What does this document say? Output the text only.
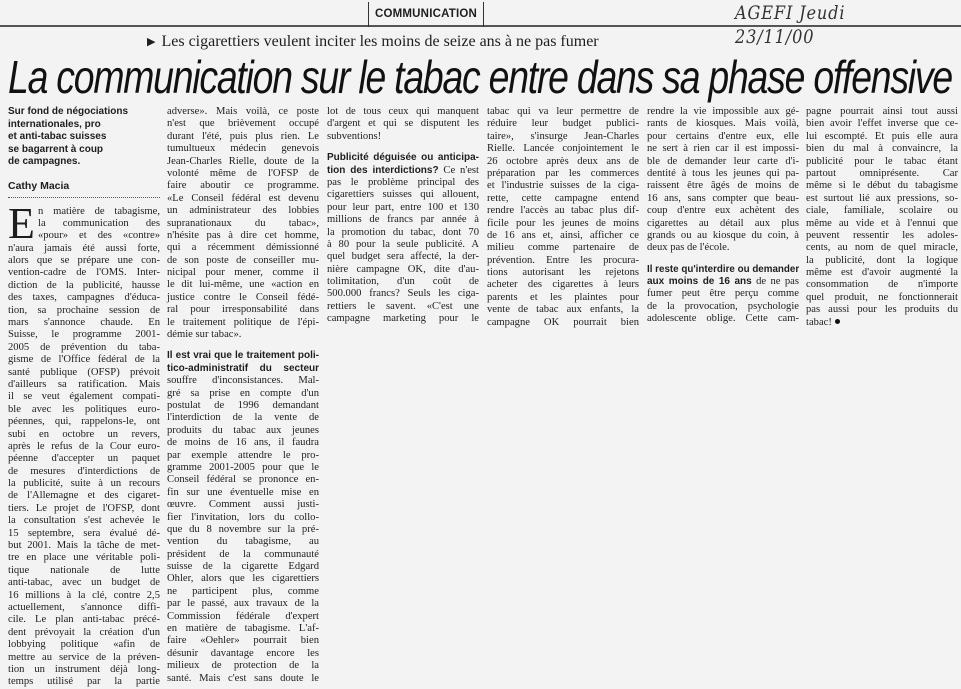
COMMUNICATION	AGEFI Jeudi 23/11/00
▶ Les cigarettiers veulent inciter les moins de seize ans à ne pas fumer
La communication sur le tabac entre dans sa phase offensive
Sur fond de négociations
internationales, pro
et anti-tabac suisses
se bagarrent à coup
de campagnes.
Cathy Macia
E n matière de tabagisme,
la communication des
«pour» et des «contre»
n'aura jamais été aussi forte,
alors que se prépare une con-
vention-cadre de l'OMS. Inter-
diction de la publicité, hausse
des taxes, campagnes d'éduca-
tion, sa prochaine session de
mars s'annonce chaude. En
Suisse, le programme 2001-
2005 de prévention du taba-
gisme de l'Office fédéral de la
santé publique (OFSP) prévoit
d'ailleurs sa ratification. Mais
il se veut également compati-
ble avec les politiques euro-
péennes, qui, rappelons-le, ont
subi en octobre un revers,
après le refus de la Cour euro-
péenne d'accepter un paquet
de mesures d'interdictions de
la publicité, suite à un recours
de l'Allemagne et des cigaret-
tiers. Le projet de l'OFSP, dont
la consultation s'est achevée le
15 septembre, sera évalué dé-
but 2001. Mais la tâche de met-
tre en place une véritable poli-
tique nationale de lutte
anti-tabac, avec un budget de
16 millions à la clé, contre 2,5
actuellement, s'annonce diffi-
cile. Le plan anti-tabac précé-
dent prévoyait la création d'un
lobbying politique «afin de
mettre au service de la préven-
tion un instrument déjà long-
temps utilisé par la partie
adverse». Mais voilà, ce poste
n'est que brièvement occupé
durant l'été, puis plus rien. Le
tumultueux médecin genevois
Jean-Charles Rielle, doute de la
volonté même de l'OFSP de
faire aboutir ce programme.
«Le Conseil fédéral est devenu
un administrateur des lobbies
supranationaux du tabac»,
n'hésite pas à dire cet homme,
qui a récemment démissionné
de son poste de conseiller mu-
nicipal pour mener, comme il
le dit lui-même, une «action en
justice contre le Conseil fédé-
ral pour irresponsabilité dans
le traitement politique de l'épi-
démie sur tabac».
Il est vrai que le traitement poli-
tico-administratif du secteur
souffre d'inconsistances. Mal-
gré sa prise en compte d'un
postulat de 1996 demandant
l'interdiction de la vente de
produits du tabac aux jeunes
de moins de 16 ans, il faudra
par exemple attendre le pro-
gramme 2001-2005 pour que le
Conseil fédéral se prononce en-
fin sur une éventuelle mise en
œuvre. Comment aussi justi-
fier l'invitation, lors du collo-
que du 8 novembre sur la pré-
vention du tabagisme, au
président de la communauté
suisse de la cigarette Edgard
Ohler, alors que les cigarettiers
ne participent plus, comme
par le passé, aux travaux de la
Commission fédérale d'expert
en matière de tabagisme. L'af-
faire «Oehler» pourrait bien
désunir davantage encore les
milieux de protection de la
santé. Mais c'est sans doute le
lot de tous ceux qui manquent
d'argent et qui se disputent les
subventions!
Publicité déguisée ou anticipa-
tion des interdictions? Ce n'est
pas le problème principal des
cigarettiers suisses qui allouent,
pour leur part, entre 100 et 130
millions de francs par année à
la promotion du tabac, dont 70
à 80 pour la seule publicité. A
quel budget sera affecté, la der-
nière campagne OK, dite d'au-
tolimitation, d'un coût de
500.000 francs? Seuls les ciga-
rettiers le savent. «C'est une
campagne marketing pour le
tabac qui va leur permettre de
réduire leur budget publici-
taire», s'insurge Jean-Charles
Rielle. Lancée conjointement le
26 octobre après deux ans de
préparation par les commerces
et l'industrie suisses de la ciga-
rette, cette campagne entend
rendre l'accès au tabac plus dif-
ficile pour les jeunes de moins
de 16 ans et, ainsi, afficher ce
milieu comme partenaire de
prévention. Entre les procura-
tions autorisant les rejetons
acheter des cigarettes à leurs
parents et les plaintes pour
vente de tabac aux enfants, la
campagne OK pourrait bien
rendre la vie impossible aux gé-
rants de kiosques. Mais voilà,
pour certains d'entre eux, elle
ne sert à rien car il est impossi-
ble de demander leur carte d'i-
dentité à tous les jeunes qui pa-
raissent être âgés de moins de
16 ans, sans compter que beau-
coup d'entre eux achètent des
cigarettes au détail aux plus
grands ou au kiosque du coin, à
deux pas de l'école.
Il reste qu'interdire ou demander
aux moins de 16 ans de ne pas
fumer peut être perçu comme
de la provocation, psychologie
adolescente oblige. Cette cam-
pagne pourrait ainsi tout aussi
bien avoir l'effet inverse que ce-
lui escompté. Et puis elle aura
bien du mal à convaincre, la
publicité pour le tabac étant
partout omniprésente. Car
même si le début du tabagisme
est surtout lié aux pressions, so-
ciale, familiale, scolaire ou
même au vide et à l'ennui que
peuvent ressentir les adoles-
cents, au nom de quel miracle,
la publicité, dont la logique
même est d'avoir augmenté la
consommation de n'importe
quel produit, ne fonctionnerait
pas aussi pour les produits du
tabac!
